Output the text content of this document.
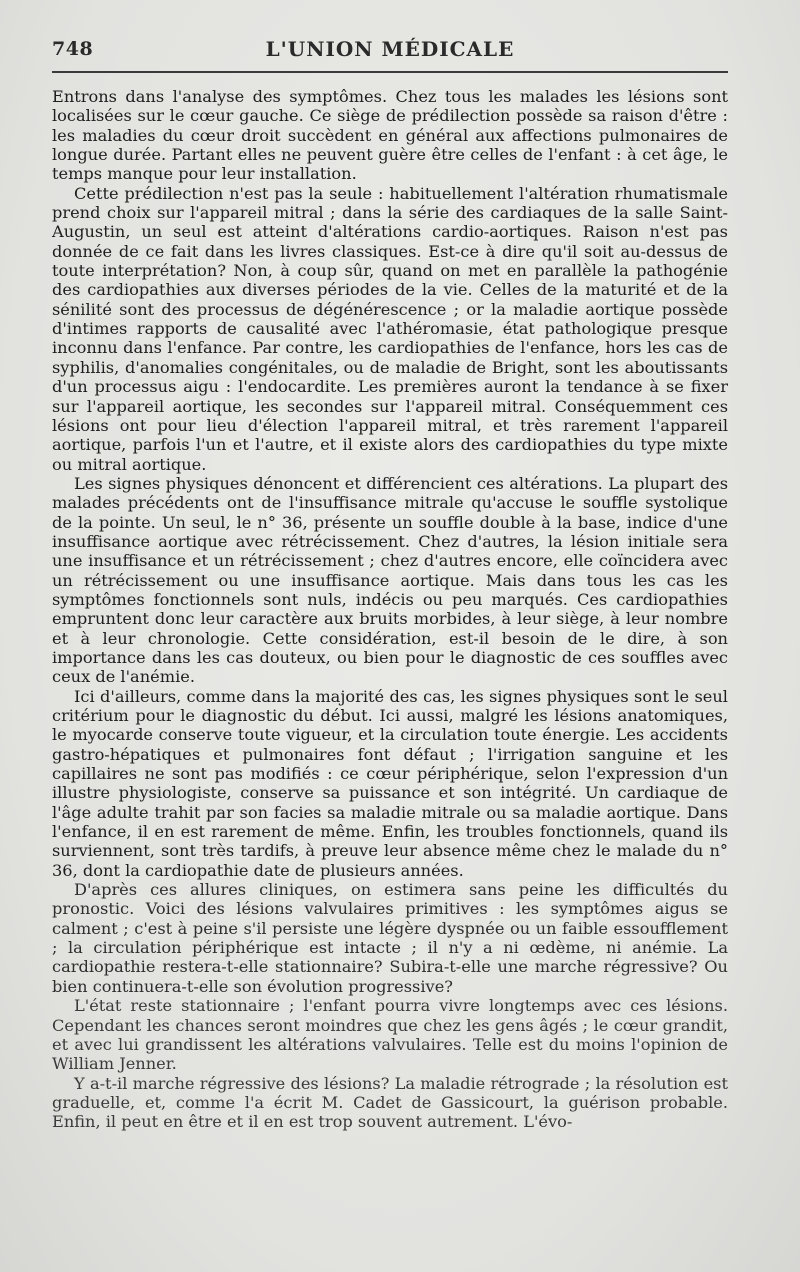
748	L'UNION MÉDICALE

Entrons dans l'analyse des symptômes. Chez tous les malades les lésions sont localisées sur le cœur gauche. Ce siège de prédilection possède sa raison d'être : les maladies du cœur droit succèdent en général aux affections pulmonaires de longue durée. Partant elles ne peuvent guère être celles de l'enfant : à cet âge, le temps manque pour leur installation.

Cette prédilection n'est pas la seule : habituellement l'altération rhumatismale prend choix sur l'appareil mitral ; dans la série des cardiaques de la salle Saint-Augustin, un seul est atteint d'altérations cardio-aortiques. Raison n'est pas donnée de ce fait dans les livres classiques. Est-ce à dire qu'il soit au-dessus de toute interprétation? Non, à coup sûr, quand on met en parallèle la pathogénie des cardiopathies aux diverses périodes de la vie. Celles de la maturité et de la sénilité sont des processus de dégénérescence ; or la maladie aortique possède d'intimes rapports de causalité avec l'athéromasie, état pathologique presque inconnu dans l'enfance. Par contre, les cardiopathies de l'enfance, hors les cas de syphilis, d'anomalies congénitales, ou de maladie de Bright, sont les aboutissants d'un processus aigu : l'endocardite. Les premières auront la tendance à se fixer sur l'appareil aortique, les secondes sur l'appareil mitral. Conséquemment ces lésions ont pour lieu d'élection l'appareil mitral, et très rarement l'appareil aortique, parfois l'un et l'autre, et il existe alors des cardiopathies du type mixte ou mitral aortique.

Les signes physiques dénoncent et différencient ces altérations. La plupart des malades précédents ont de l'insuffisance mitrale qu'accuse le souffle systolique de la pointe. Un seul, le n° 36, présente un souffle double à la base, indice d'une insuffisance aortique avec rétrécissement. Chez d'autres, la lésion initiale sera une insuffisance et un rétrécissement ; chez d'autres encore, elle coïncidera avec un rétrécissement ou une insuffisance aortique. Mais dans tous les cas les symptômes fonctionnels sont nuls, indécis ou peu marqués. Ces cardiopathies empruntent donc leur caractère aux bruits morbides, à leur siège, à leur nombre et à leur chronologie. Cette considération, est-il besoin de le dire, à son importance dans les cas douteux, ou bien pour le diagnostic de ces souffles avec ceux de l'anémie.

Ici d'ailleurs, comme dans la majorité des cas, les signes physiques sont le seul critérium pour le diagnostic du début. Ici aussi, malgré les lésions anatomiques, le myocarde conserve toute vigueur, et la circulation toute énergie. Les accidents gastro-hépatiques et pulmonaires font défaut ; l'irrigation sanguine et les capillaires ne sont pas modifiés : ce cœur périphérique, selon l'expression d'un illustre physiologiste, conserve sa puissance et son intégrité. Un cardiaque de l'âge adulte trahit par son facies sa maladie mitrale ou sa maladie aortique. Dans l'enfance, il en est rarement de même. Enfin, les troubles fonctionnels, quand ils surviennent, sont très tardifs, à preuve leur absence même chez le malade du n° 36, dont la cardiopathie date de plusieurs années.

D'après ces allures cliniques, on estimera sans peine les difficultés du pronostic. Voici des lésions valvulaires primitives : les symptômes aigus se calment ; c'est à peine s'il persiste une légère dyspnée ou un faible essoufflement ; la circulation périphérique est intacte ; il n'y a ni œdème, ni anémie. La cardiopathie restera-t-elle stationnaire? Subira-t-elle une marche régressive? Ou bien continuera-t-elle son évolution progressive?

L'état reste stationnaire ; l'enfant pourra vivre longtemps avec ces lésions. Cependant les chances seront moindres que chez les gens âgés ; le cœur grandit, et avec lui grandissent les altérations valvulaires. Telle est du moins l'opinion de William Jenner.

Y a-t-il marche régressive des lésions? La maladie rétrograde ; la résolution est graduelle, et, comme l'a écrit M. Cadet de Gassicourt, la guérison probable. Enfin, il peut en être et il en est trop souvent autrement. L'évo-
